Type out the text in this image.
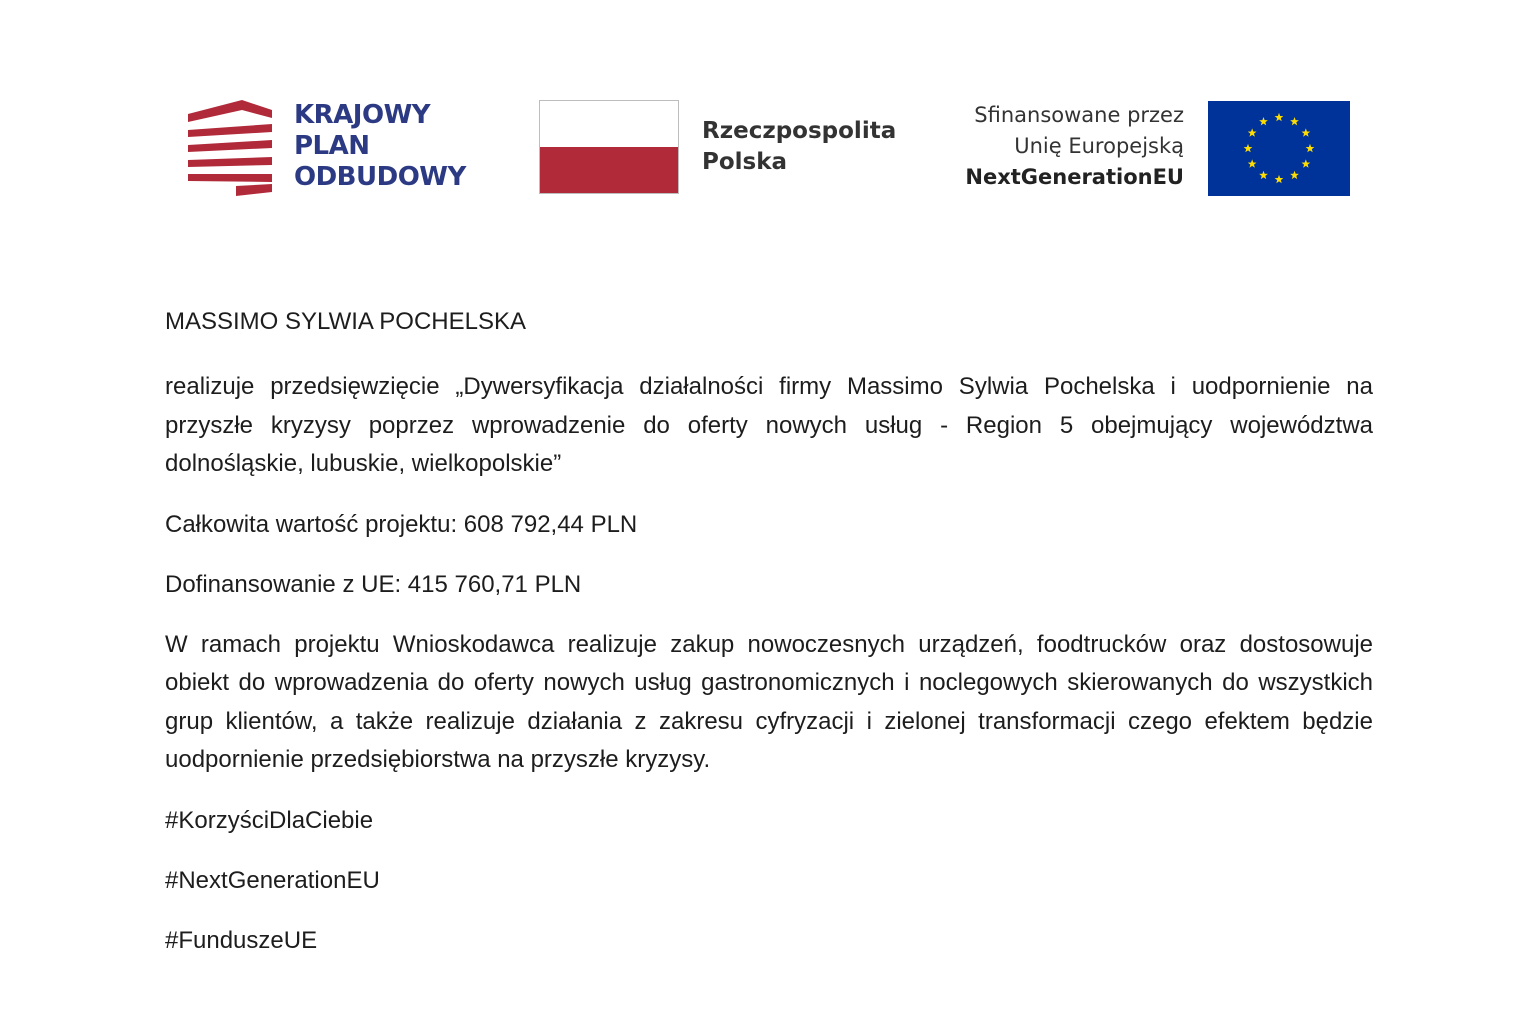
KRAJOWY
PLAN
ODBUDOWY
Rzeczpospolita
Polska
Sfinansowane przez
Unię Europejską
NextGenerationEU
MASSIMO SYLWIA POCHELSKA
realizuje przedsięwzięcie „Dywersyfikacja działalności firmy Massimo Sylwia Pochelska i uodpornienie na przyszłe kryzysy poprzez wprowadzenie do oferty nowych usług - Region 5 obejmujący województwa dolnośląskie, lubuskie, wielkopolskie”
Całkowita wartość projektu: 608 792,44 PLN
Dofinansowanie z UE: 415 760,71 PLN
W ramach projektu Wnioskodawca realizuje zakup nowoczesnych urządzeń, foodtrucków oraz dostosowuje obiekt do wprowadzenia do oferty nowych usług gastronomicznych i noclegowych skierowanych do wszystkich grup klientów, a także realizuje działania z zakresu cyfryzacji i zielonej transformacji czego efektem będzie uodpornienie przedsiębiorstwa na przyszłe kryzysy.
#KorzyściDlaCiebie
#NextGenerationEU
#FunduszeUE
